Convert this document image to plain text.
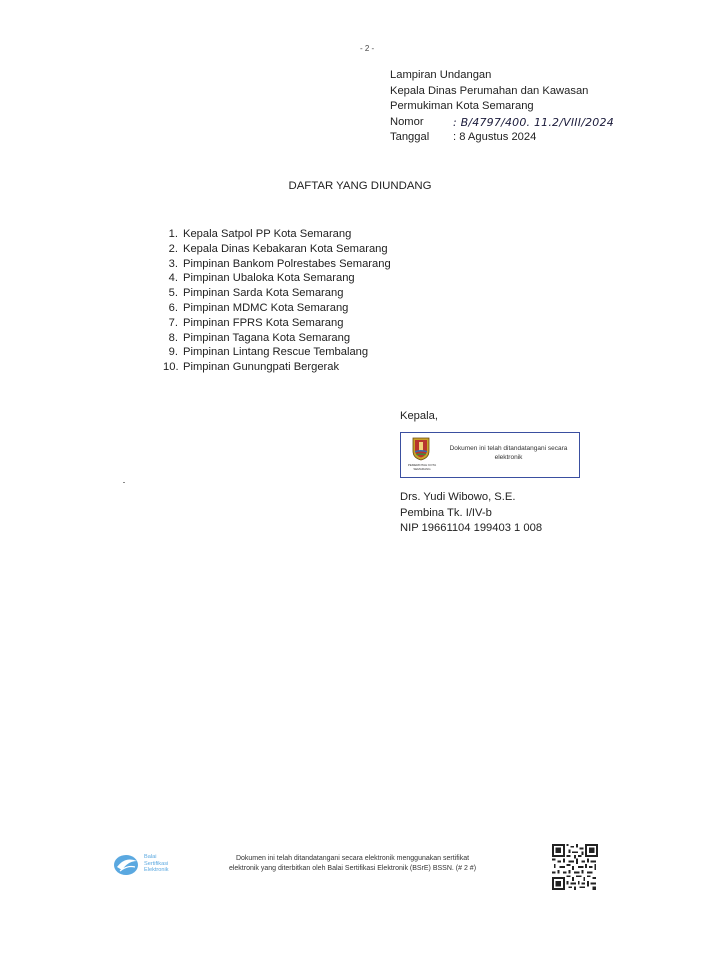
- 2 -
Lampiran Undangan
Kepala Dinas Perumahan dan Kawasan
Permukiman Kota Semarang
Nomor	: B/4797/400. 11.2/VIII/2024
Tanggal	: 8 Agustus 2024
DAFTAR YANG DIUNDANG
1. Kepala Satpol PP Kota Semarang
2. Kepala Dinas Kebakaran Kota Semarang
3. Pimpinan Bankom Polrestabes Semarang
4. Pimpinan Ubaloka Kota Semarang
5. Pimpinan Sarda Kota Semarang
6. Pimpinan MDMC Kota Semarang
7. Pimpinan FPRS Kota Semarang
8. Pimpinan Tagana Kota Semarang
9. Pimpinan Lintang Rescue Tembalang
10. Pimpinan Gunungpati Bergerak
Kepala,
PEMERINTAH KOTA SEMARANG
Dokumen ini telah ditandatangani secara elektronik
Drs. Yudi Wibowo, S.E.
Pembina Tk. I/IV-b
NIP 19661104 199403 1 008
Balai
Sertifikasi
Elektronik
Dokumen ini telah ditandatangani secara elektronik menggunakan sertifikat
elektronik yang diterbitkan oleh Balai Sertifikasi Elektronik (BSrE) BSSN. (# 2 #)
